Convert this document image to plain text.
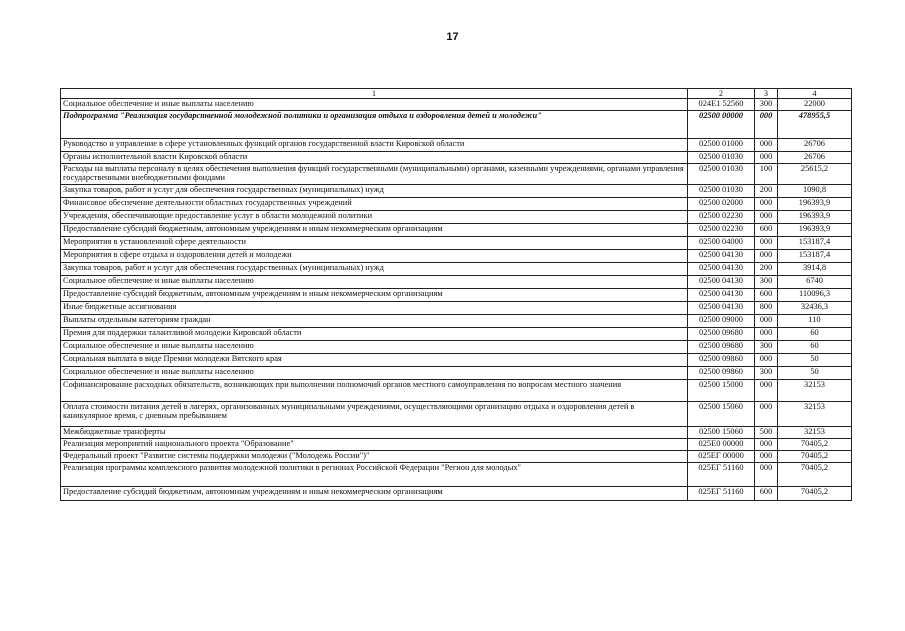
17
1	2	3	4
Социальное обеспечение и иные выплаты населению	024E1 52560	300	22000
Подпрограмма "Реализация государственной молодежной политики и организация отдыха и оздоровления детей и молодежи"	02500 00000	000	478955,5
Руководство и управление в сфере установленных функций органов государственной власти Кировской области	02500 01000	000	26706
Органы исполнительной власти Кировской области	02500 01030	000	26706
Расходы на выплаты персоналу в целях обеспечения выполнения функций государственными (муниципальными) органами, казенными учреждениями, органами управления государственными внебюджетными фондами	02500 01030	100	25615,2
Закупка товаров, работ и услуг для обеспечения государственных (муниципальных) нужд	02500 01030	200	1090,8
Финансовое обеспечение деятельности областных государственных учреждений	02500 02000	000	196393,9
Учреждения, обеспечивающие предоставление услуг в области молодежной политики	02500 02230	000	196393,9
Предоставление субсидий бюджетным, автономным учреждениям и иным некоммерческим организациям	02500 02230	600	196393,9
Мероприятия в установленной сфере деятельности	02500 04000	000	153187,4
Мероприятия в сфере отдыха и оздоровления детей и молодежи	02500 04130	000	153187,4
Закупка товаров, работ и услуг для обеспечения государственных (муниципальных) нужд	02500 04130	200	3914,8
Социальное обеспечение и иные выплаты населению	02500 04130	300	6740
Предоставление субсидий бюджетным, автономным учреждениям и иным некоммерческим организациям	02500 04130	600	110096,3
Иные бюджетные ассигнования	02500 04130	800	32436,3
Выплаты отдельным категориям граждан	02500 09000	000	110
Премия для поддержки талантливой молодежи Кировской области	02500 09680	000	60
Социальное обеспечение и иные выплаты населению	02500 09680	300	60
Социальная выплата в виде Премии молодежи Вятского края	02500 09860	000	50
Социальное обеспечение и иные выплаты населению	02500 09860	300	50
Софинансирование расходных обязательств, возникающих при выполнении полномочий органов местного самоуправления по вопросам местного значения	02500 15000	000	32153
Оплата стоимости питания детей в лагерях, организованных муниципальными учреждениями, осуществляющими организацию отдыха и оздоровления детей в каникулярное время, с дневным пребыванием	02500 15060	000	32153
Межбюджетные трансферты	02500 15060	500	32153
Реализация мероприятий национального проекта "Образование"	025E0 00000	000	70405,2
Федеральный проект "Развитие системы поддержки молодежи ("Молодежь России")"	025EГ 00000	000	70405,2
Реализация программы комплексного развития молодежной политики в регионах Российской Федерации "Регион для молодых"	025EГ 51160	000	70405,2
Предоставление субсидий бюджетным, автономным учреждениям и иным некоммерческим организациям	025EГ 51160	600	70405,2
